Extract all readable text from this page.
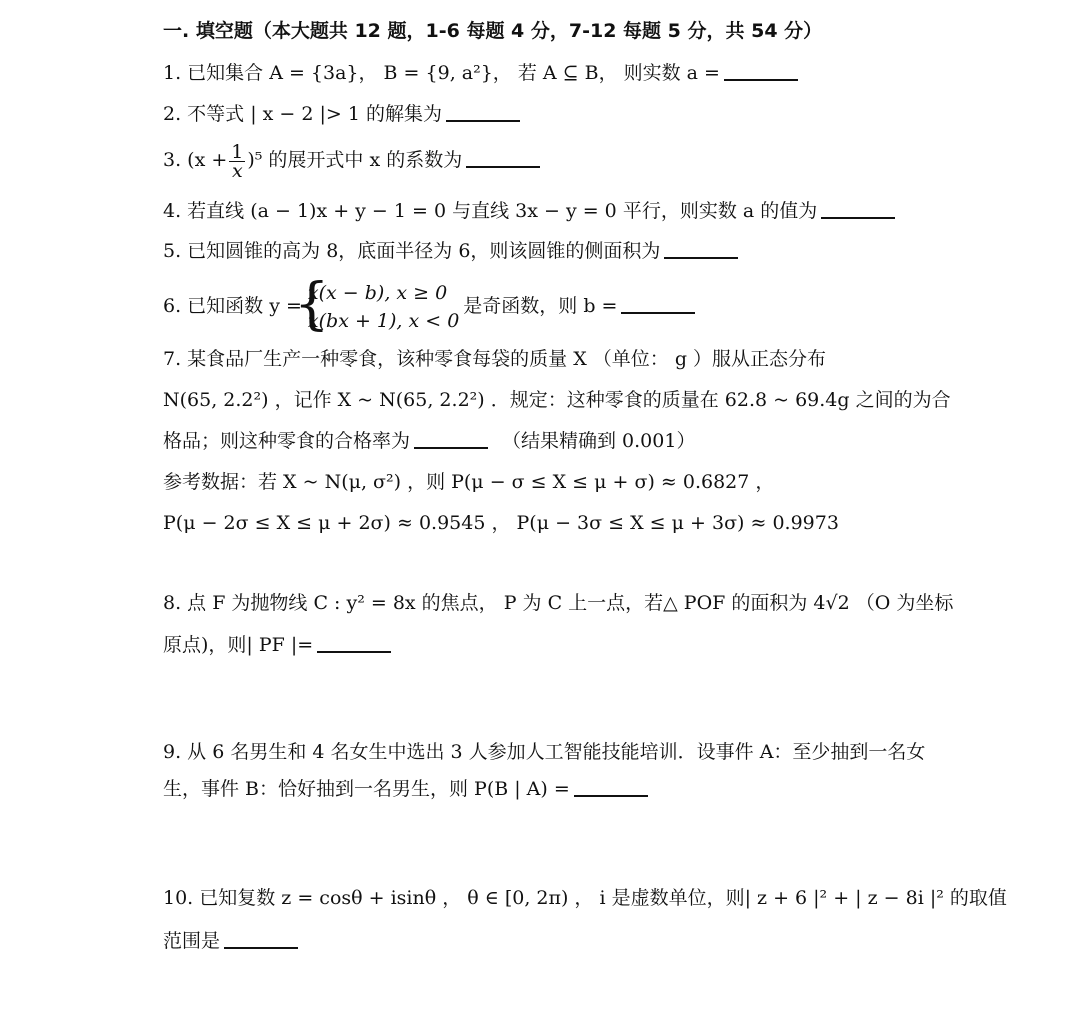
一. 填空题（本大题共 12 题，1-6 每题 4 分，7-12 每题 5 分，共 54 分）
1. 已知集合 A = {3a}， B = {9, a²}， 若 A ⊆ B， 则实数 a =
2. 不等式 | x − 2 |> 1 的解集为
3. $(x + \frac{1}{x} )^5$ 的展开式中 x 的系数为
4. 若直线 (a − 1)x + y − 1 = 0 与直线 3x − y = 0 平行，则实数 a 的值为
5. 已知圆锥的高为 8，底面半径为 6，则该圆锥的侧面积为
6. 已知函数 y =
{
x(x − b), x ≥ 0
x(bx + 1), x < 0
是奇函数，则 b =
7. 某食品厂生产一种零食，该种零食每袋的质量 X （单位： g ）服从正态分布
N(65, 2.2²) ，记作 X ~ N(65, 2.2²) ．规定：这种零食的质量在 62.8 ~ 69.4g 之间的为合
格品；则这种零食的合格率为	（结果精确到 0.001）
参考数据：若 X ~ N(μ, σ²) ，则 P(μ − σ ≤ X ≤ μ + σ) ≈ 0.6827 ，
P(μ − 2σ ≤ X ≤ μ + 2σ) ≈ 0.9545 ， P(μ − 3σ ≤ X ≤ μ + 3σ) ≈ 0.9973
8. 点 F 为抛物线 C : y² = 8x 的焦点， P 为 C 上一点，若△ POF 的面积为 4√2 （O 为坐标
原点)，则| PF |=
9. 从 6 名男生和 4 名女生中选出 3 人参加人工智能技能培训．设事件 A：至少抽到一名女
生，事件 B：恰好抽到一名男生，则 P(B | A) =
10. 已知复数 z = cosθ + isinθ ， θ ∈ [0, 2π) ， i 是虚数单位，则| z + 6 |² + | z − 8i |² 的取值
范围是
